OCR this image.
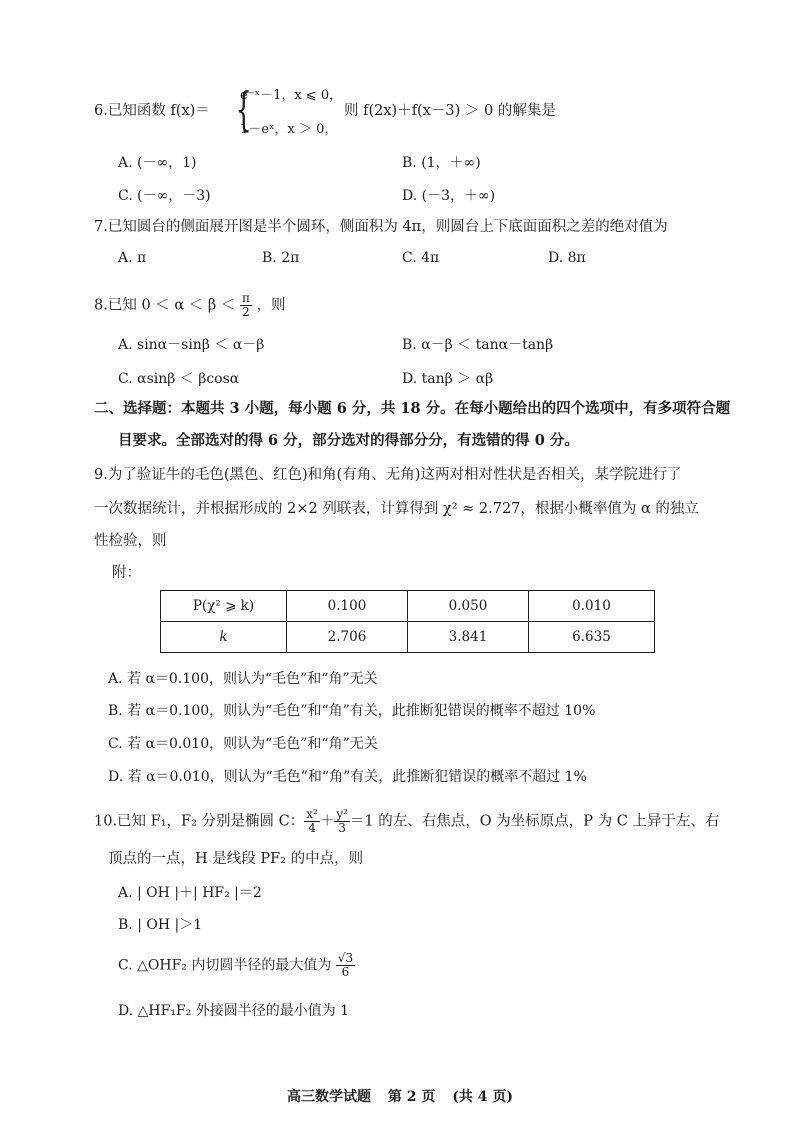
6.已知函数 f(x)＝ {
e⁻ˣ－1，x ⩽ 0，
1－eˣ，x ＞ 0，
则 f(2x)＋f(x－3) ＞ 0 的解集是
A. (－∞，1)	B. (1，＋∞)
C. (－∞，－3)	D. (－3，＋∞)
7.已知圆台的侧面展开图是半个圆环，侧面积为 4π，则圆台上下底面面积之差的绝对值为
A. π	B. 2π	C. 4π	D. 8π
8.已知 $0 < \alpha < \beta < \frac{\pi}{2}$ ，则
A. sinα－sinβ ＜ α－β	B. α－β ＜ tanα－tanβ
C. αsinβ ＜ βcosα	D. tanβ ＞ αβ
二、选择题：本题共 3 小题，每小题 6 分，共 18 分。在每小题给出的四个选项中，有多项符合题
目要求。全部选对的得 6 分，部分选对的得部分分，有选错的得 0 分。
9.为了验证牛的毛色(黑色、红色)和角(有角、无角)这两对相对性状是否相关，某学院进行了
一次数据统计，并根据形成的 2×2 列联表，计算得到 χ² ≈ 2.727，根据小概率值为 α 的独立
性检验，则
附：
P(χ² ⩾ k)	0.100	0.050	0.010
k	2.706	3.841	6.635
A. 若 α＝0.100，则认为“毛色”和“角”无关
B. 若 α＝0.100，则认为“毛色”和“角”有关，此推断犯错误的概率不超过 10%
C. 若 α＝0.010，则认为“毛色”和“角”无关
D. 若 α＝0.010，则认为“毛色”和“角”有关，此推断犯错误的概率不超过 1%
10.已知 F₁，F₂ 分别是椭圆 C： $\frac{\text{x²}}{4} + \frac{\text{y²}}{3} =1$ 的左、右焦点，O 为坐标原点，P 为 C 上异于左、右
顶点的一点，H 是线段 PF₂ 的中点，则
A. | OH |＋| HF₂ |＝2
B. | OH |＞1
C. △OHF₂ 内切圆半径的最大值为 $\frac{√3}{6}$
D. △HF₁F₂ 外接圆半径的最小值为 1
高三数学试题 第 2 页 (共 4 页)
